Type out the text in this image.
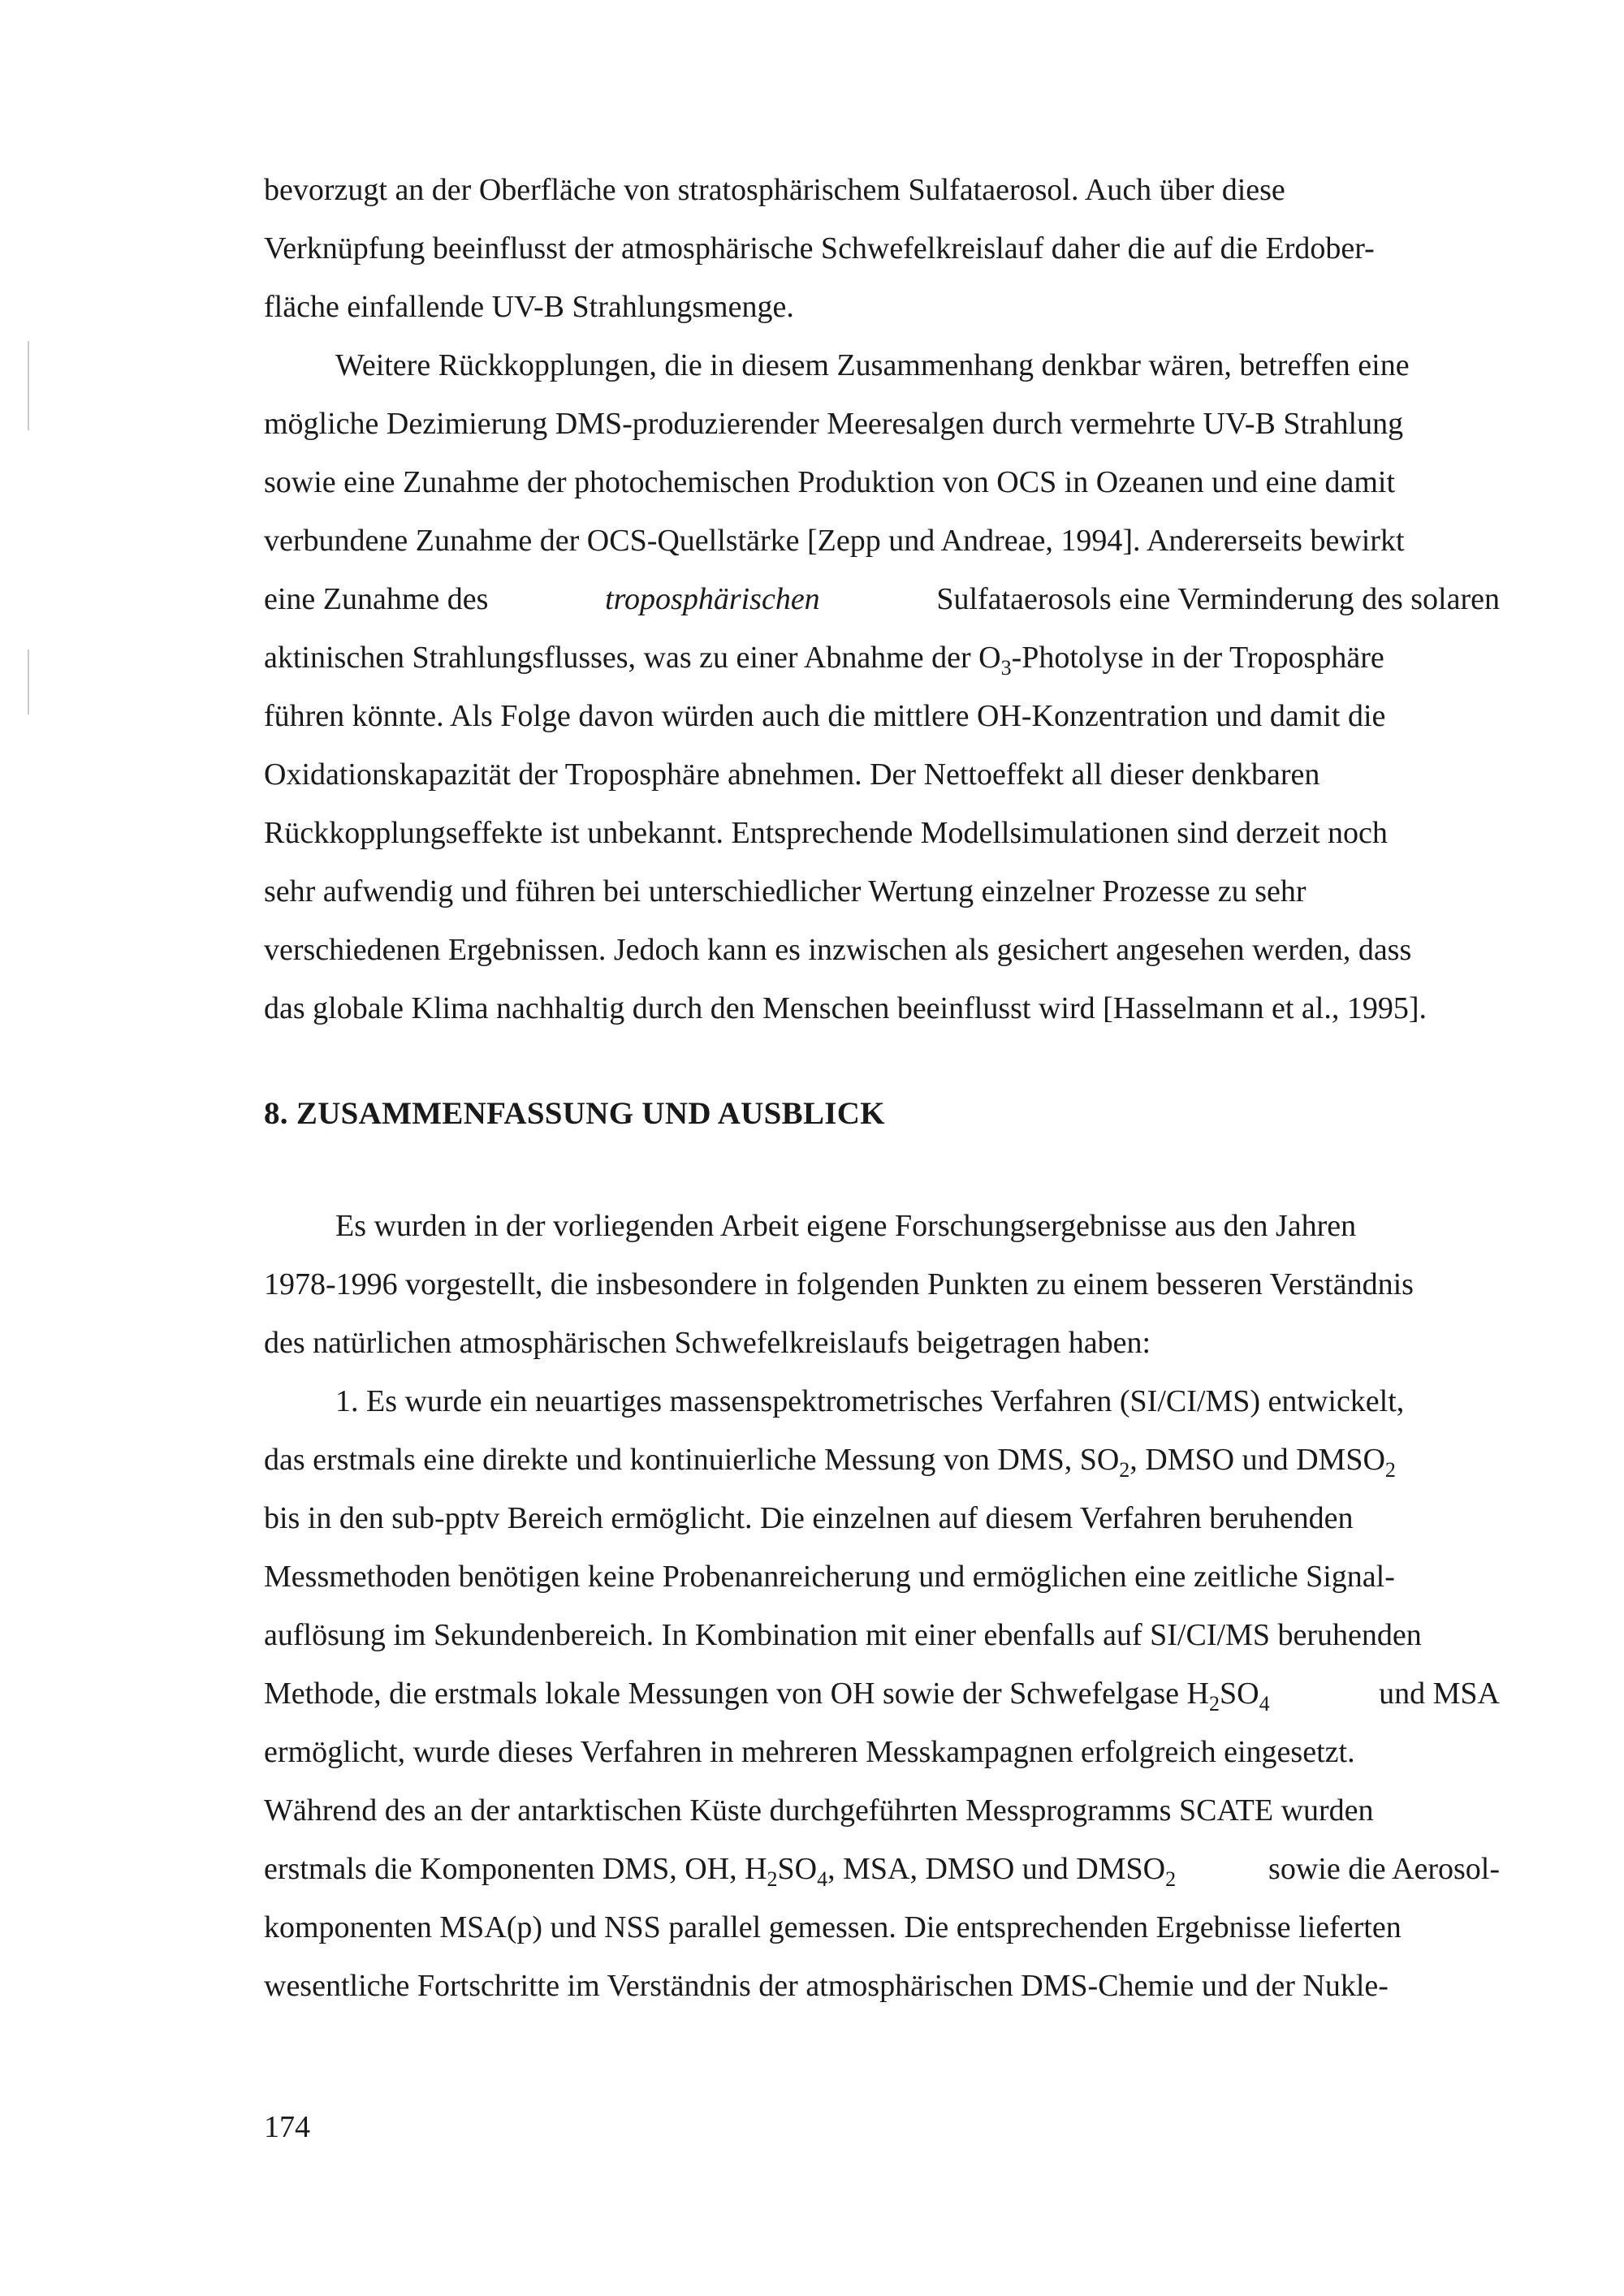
bevorzugt an der Oberfläche von stratosphärischem Sulfataerosol. Auch über diese
Verknüpfung beeinflusst der atmosphärische Schwefelkreislauf daher die auf die Erdober-
fläche einfallende UV-B Strahlungsmenge.
Weitere Rückkopplungen, die in diesem Zusammenhang denkbar wären, betreffen eine
mögliche Dezimierung DMS-produzierender Meeresalgen durch vermehrte UV-B Strahlung
sowie eine Zunahme der photochemischen Produktion von OCS in Ozeanen und eine damit
verbundene Zunahme der OCS-Quellstärke [Zepp und Andreae, 1994]. Andererseits bewirkt
eine Zunahme des	troposphärischen	Sulfataerosols eine Verminderung des solaren
aktinischen Strahlungsflusses, was zu einer Abnahme der $O_3$-Photolyse in der Troposphäre
führen könnte. Als Folge davon würden auch die mittlere OH-Konzentration und damit die
Oxidationskapazität der Troposphäre abnehmen. Der Nettoeffekt all dieser denkbaren
Rückkopplungseffekte ist unbekannt. Entsprechende Modellsimulationen sind derzeit noch
sehr aufwendig und führen bei unterschiedlicher Wertung einzelner Prozesse zu sehr
verschiedenen Ergebnissen. Jedoch kann es inzwischen als gesichert angesehen werden, dass
das globale Klima nachhaltig durch den Menschen beeinflusst wird [Hasselmann et al., 1995].
8. ZUSAMMENFASSUNG UND AUSBLICK
Es wurden in der vorliegenden Arbeit eigene Forschungsergebnisse aus den Jahren
1978-1996 vorgestellt, die insbesondere in folgenden Punkten zu einem besseren Verständnis
des natürlichen atmosphärischen Schwefelkreislaufs beigetragen haben:
1. Es wurde ein neuartiges massenspektrometrisches Verfahren (SI/CI/MS) entwickelt,
das erstmals eine direkte und kontinuierliche Messung von DMS, $SO_2$, DMSO und $DMSO_2$
bis in den sub-pptv Bereich ermöglicht. Die einzelnen auf diesem Verfahren beruhenden
Messmethoden benötigen keine Probenanreicherung und ermöglichen eine zeitliche Signal-
auflösung im Sekundenbereich. In Kombination mit einer ebenfalls auf SI/CI/MS beruhenden
Methode, die erstmals lokale Messungen von OH sowie der Schwefelgase $H_2SO_4$	und MSA
ermöglicht, wurde dieses Verfahren in mehreren Messkampagnen erfolgreich eingesetzt.
Während des an der antarktischen Küste durchgeführten Messprogramms SCATE wurden
erstmals die Komponenten DMS, OH, $H_2SO_4$, MSA, DMSO und $DMSO_2$	sowie die Aerosol-
komponenten MSA(p) und NSS parallel gemessen. Die entsprechenden Ergebnisse lieferten
wesentliche Fortschritte im Verständnis der atmosphärischen DMS-Chemie und der Nukle-
174
